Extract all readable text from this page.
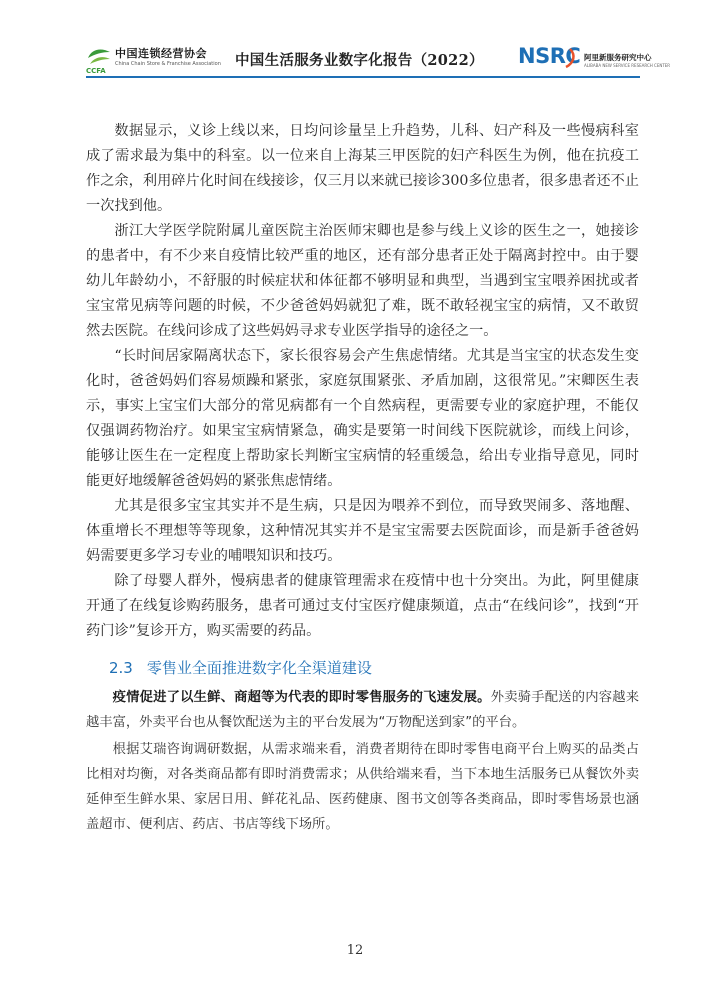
CCFA
中国连锁经营协会
China Chain Store & Franchise Association 中国生活服务业数字化报告（2022） NSRC 阿里新服务研究中心
ALIBABA NEW SERVICE RESEARCH CENTER

数据显示，义诊上线以来，日均问诊量呈上升趋势，儿科、妇产科及一些慢病科室成了需求最为集中的科室。以一位来自上海某三甲医院的妇产科医生为例，他在抗疫工作之余，利用碎片化时间在线接诊，仅三月以来就已接诊300多位患者，很多患者还不止一次找到他。

浙江大学医学院附属儿童医院主治医师宋卿也是参与线上义诊的医生之一，她接诊的患者中，有不少来自疫情比较严重的地区，还有部分患者正处于隔离封控中。由于婴幼儿年龄幼小，不舒服的时候症状和体征都不够明显和典型，当遇到宝宝喂养困扰或者宝宝常见病等问题的时候，不少爸爸妈妈就犯了难，既不敢轻视宝宝的病情，又不敢贸然去医院。在线问诊成了这些妈妈寻求专业医学指导的途径之一。

“长时间居家隔离状态下，家长很容易会产生焦虑情绪。尤其是当宝宝的状态发生变化时，爸爸妈妈们容易烦躁和紧张，家庭氛围紧张、矛盾加剧，这很常见。”宋卿医生表示，事实上宝宝们大部分的常见病都有一个自然病程，更需要专业的家庭护理，不能仅仅强调药物治疗。如果宝宝病情紧急，确实是要第一时间线下医院就诊，而线上问诊，能够让医生在一定程度上帮助家长判断宝宝病情的轻重缓急，给出专业指导意见，同时能更好地缓解爸爸妈妈的紧张焦虑情绪。

尤其是很多宝宝其实并不是生病，只是因为喂养不到位，而导致哭闹多、落地醒、体重增长不理想等等现象，这种情况其实并不是宝宝需要去医院面诊，而是新手爸爸妈妈需要更多学习专业的哺喂知识和技巧。

除了母婴人群外，慢病患者的健康管理需求在疫情中也十分突出。为此，阿里健康开通了在线复诊购药服务，患者可通过支付宝医疗健康频道，点击“在线问诊”，找到“开药门诊”复诊开方，购买需要的药品。

2.3 零售业全面推进数字化全渠道建设

疫情促进了以生鲜、商超等为代表的即时零售服务的飞速发展。外卖骑手配送的内容越来越丰富，外卖平台也从餐饮配送为主的平台发展为“万物配送到家”的平台。

根据艾瑞咨询调研数据，从需求端来看，消费者期待在即时零售电商平台上购买的品类占比相对均衡，对各类商品都有即时消费需求；从供给端来看，当下本地生活服务已从餐饮外卖延伸至生鲜水果、家居日用、鲜花礼品、医药健康、图书文创等各类商品，即时零售场景也涵盖超市、便利店、药店、书店等线下场所。

12
